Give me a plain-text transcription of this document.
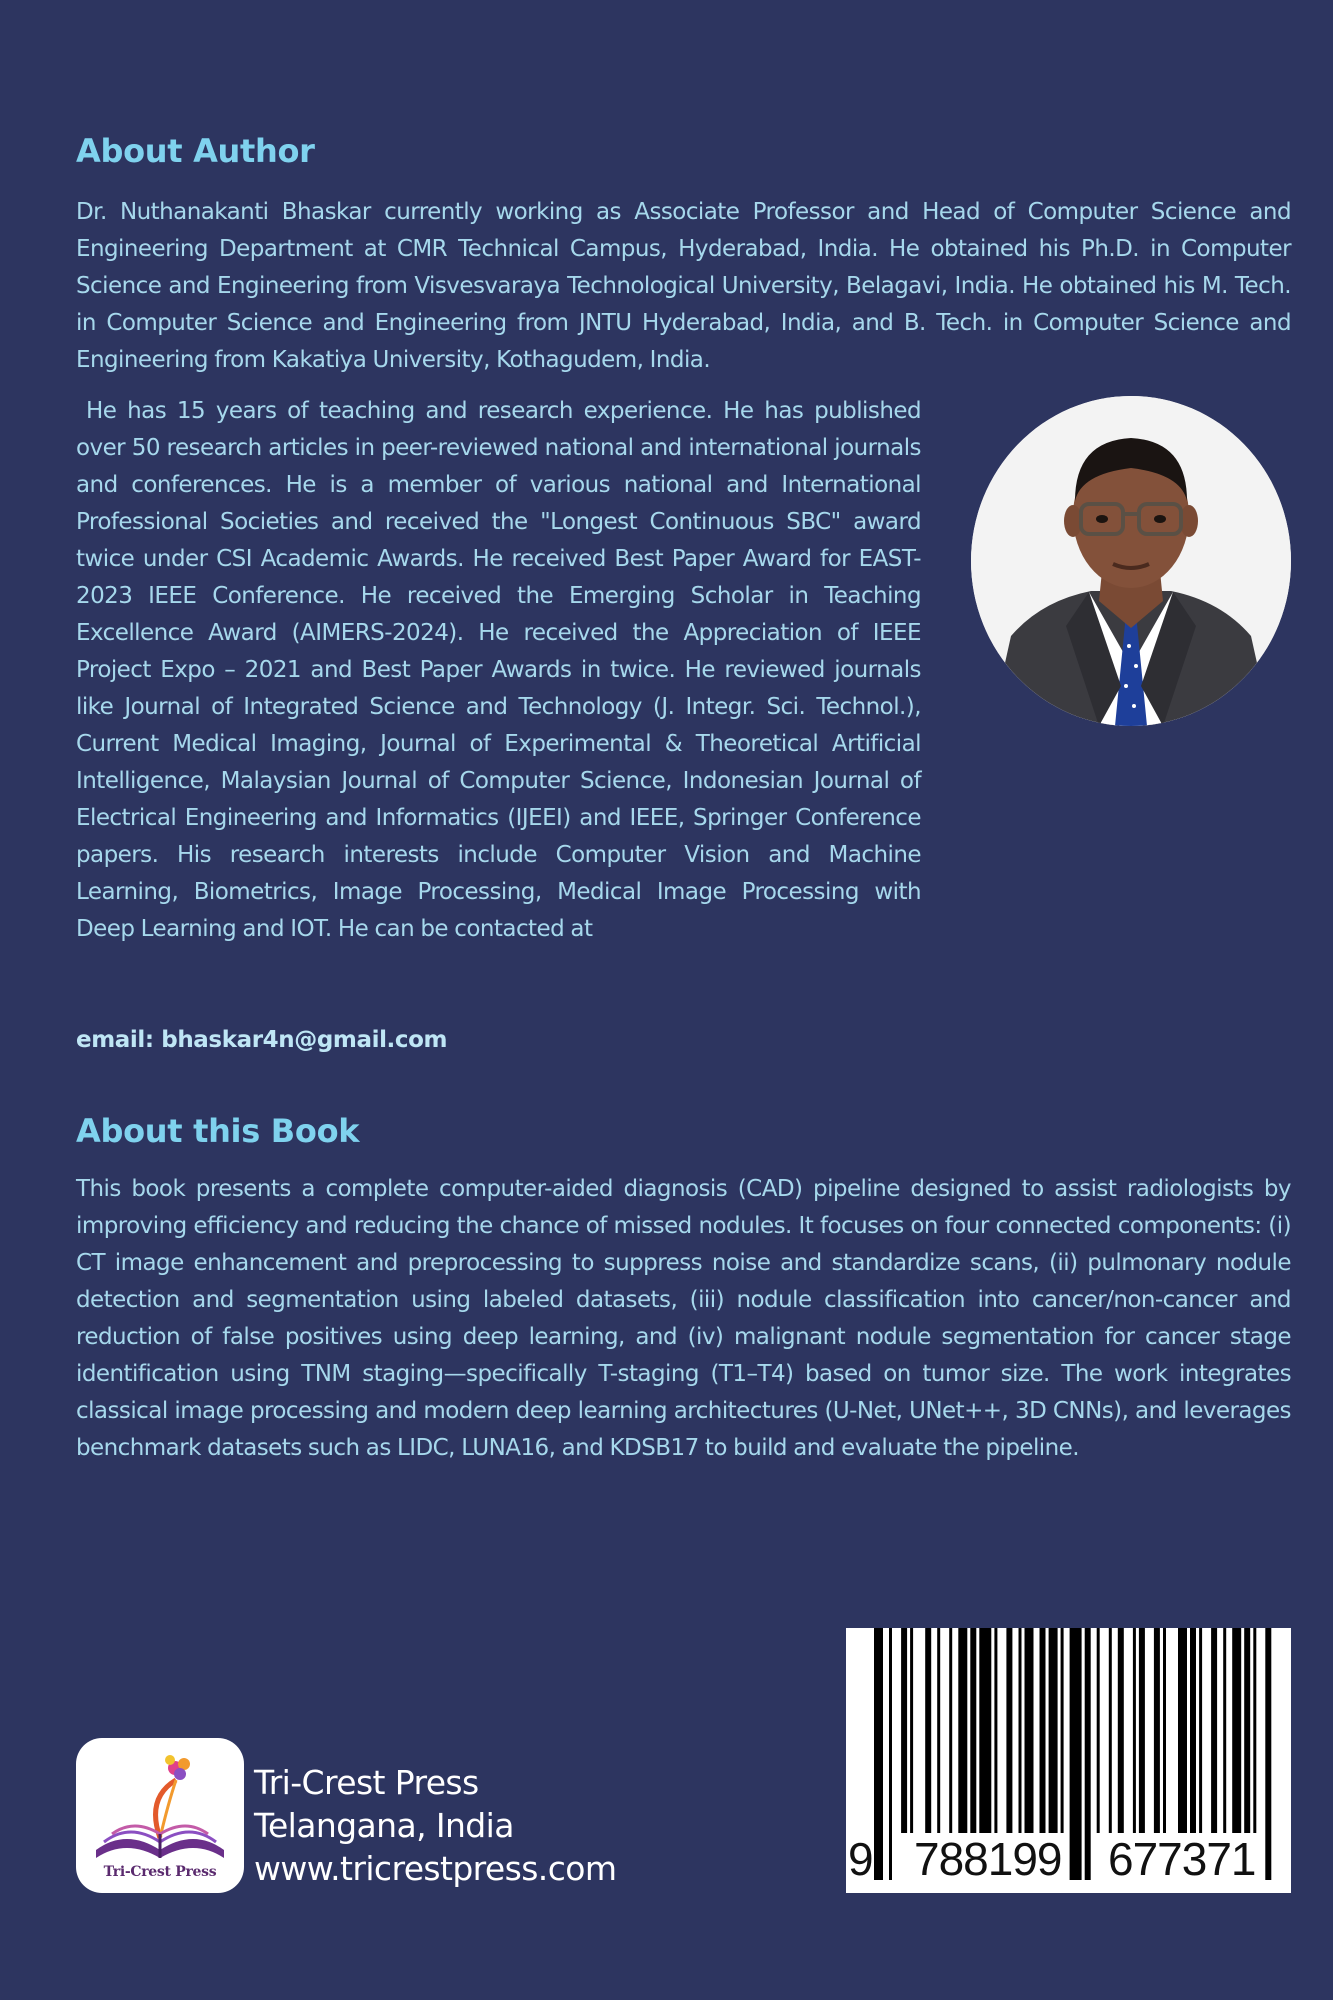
About Author

Dr. Nuthanakanti Bhaskar currently working as Associate Professor and Head of Computer Science and Engineering Department at CMR Technical Campus, Hyderabad, India. He obtained his Ph.D. in Computer Science and Engineering from Visvesvaraya Technological University, Belagavi, India. He obtained his M. Tech. in Computer Science and Engineering from JNTU Hyderabad, India, and B. Tech. in Computer Science and Engineering from Kakatiya University, Kothagudem, India.

He has 15 years of teaching and research experience. He has published over 50 research articles in peer-reviewed national and international journals and conferences. He is a member of various national and International Professional Societies and received the "Longest Continuous SBC" award twice under CSI Academic Awards. He received Best Paper Award for EAST-2023 IEEE Conference. He received the Emerging Scholar in Teaching Excellence Award (AIMERS-2024). He received the Appreciation of IEEE Project Expo – 2021 and Best Paper Awards in twice. He reviewed journals like Journal of Integrated Science and Technology (J. Integr. Sci. Technol.), Current Medical Imaging, Journal of Experimental & Theoretical Artificial Intelligence, Malaysian Journal of Computer Science, Indonesian Journal of Electrical Engineering and Informatics (IJEEI) and IEEE, Springer Conference papers. His research interests include Computer Vision and Machine Learning, Biometrics, Image Processing, Medical Image Processing with Deep Learning and IOT. He can be contacted at

email: bhaskar4n@gmail.com
About this Book

This book presents a complete computer-aided diagnosis (CAD) pipeline designed to assist radiologists by improving efficiency and reducing the chance of missed nodules. It focuses on four connected components: (i) CT image enhancement and preprocessing to suppress noise and standardize scans, (ii) pulmonary nodule detection and segmentation using labeled datasets, (iii) nodule classification into cancer/non-cancer and reduction of false positives using deep learning, and (iv) malignant nodule segmentation for cancer stage identification using TNM staging—specifically T-staging (T1–T4) based on tumor size. The work integrates classical image processing and modern deep learning architectures (U-Net, UNet++, 3D CNNs), and leverages benchmark datasets such as LIDC, LUNA16, and KDSB17 to build and evaluate the pipeline.

Tri-Crest Press
Tri-Crest Press
Telangana, India
www.tricrestpress.com	9 788199 677371
